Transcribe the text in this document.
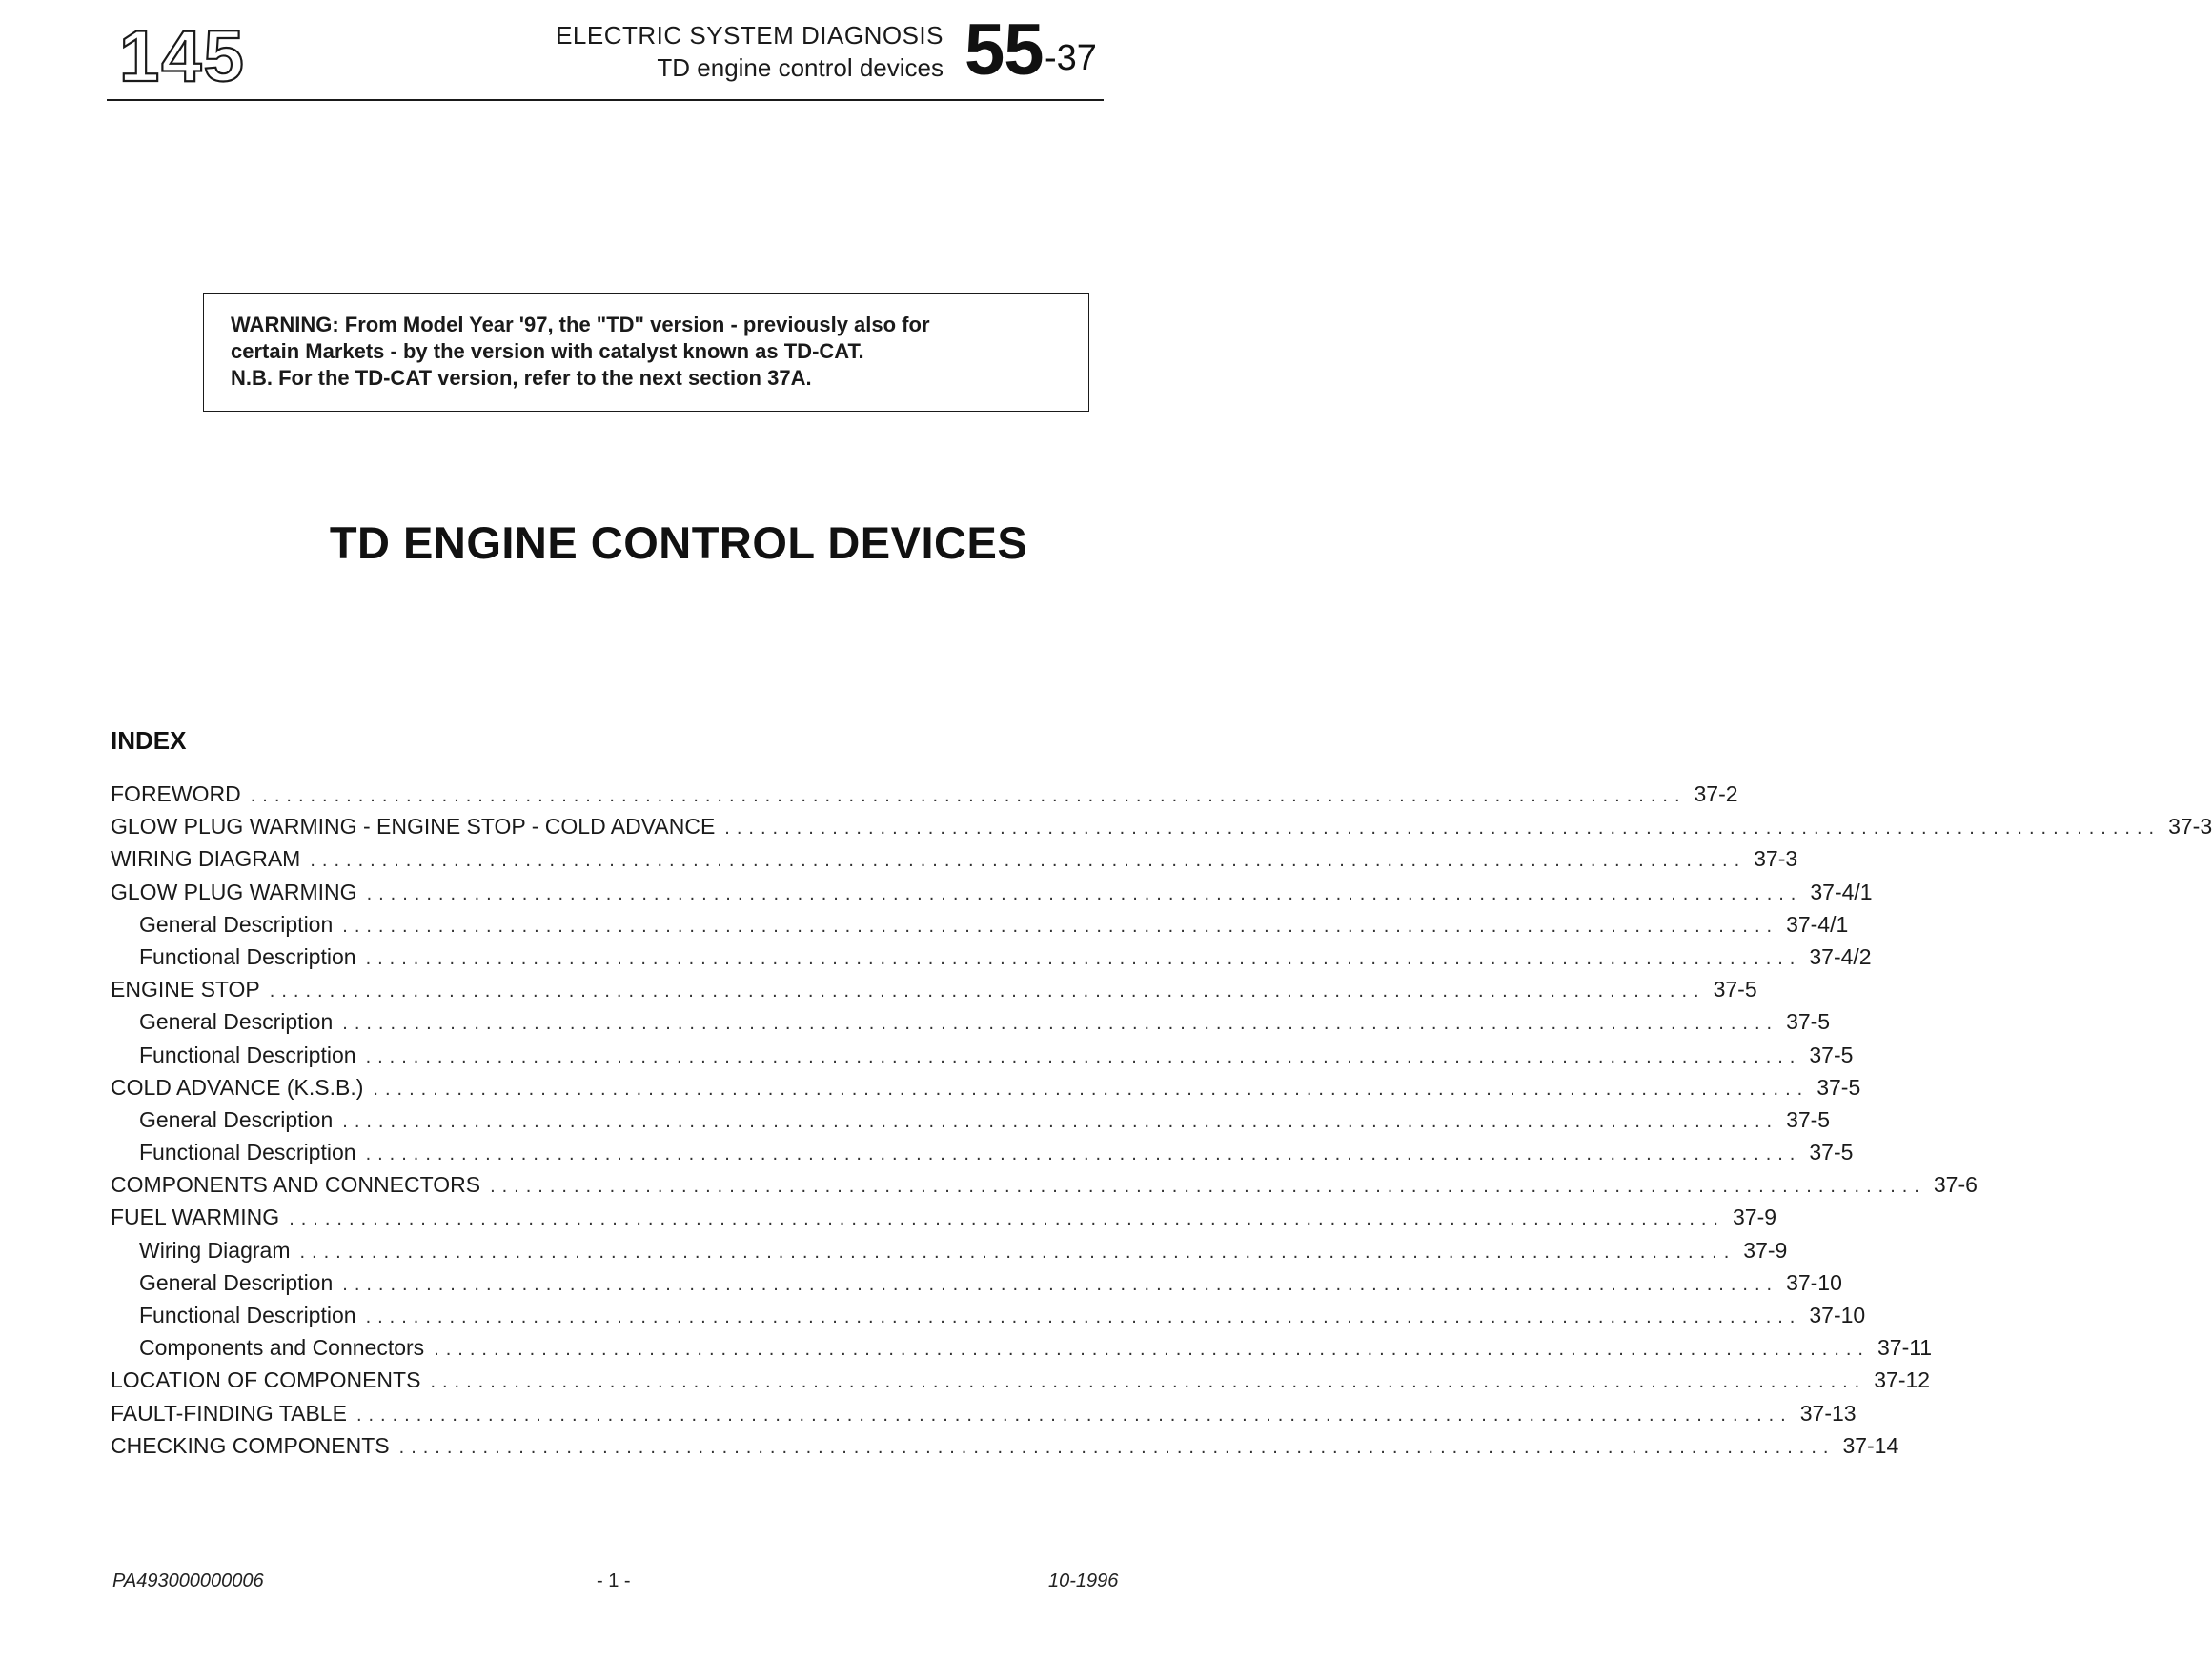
145	ELECTRIC SYSTEM DIAGNOSIS
TD engine control devices 55 -37
WARNING: From Model Year '97, the "TD" version - previously also for
certain Markets - by the version with catalyst known as TD-CAT.
N.B. For the TD-CAT version, refer to the next section 37A.
TD ENGINE CONTROL DEVICES
INDEX
FOREWORD ........................................................................................................................ 37-2
GLOW PLUG WARMING - ENGINE STOP - COLD ADVANCE ........................................................................................................................ 37-3
WIRING DIAGRAM ........................................................................................................................ 37-3
GLOW PLUG WARMING ........................................................................................................................ 37-4/1
General Description ........................................................................................................................ 37-4/1
Functional Description ........................................................................................................................ 37-4/2
ENGINE STOP ........................................................................................................................ 37-5
General Description ........................................................................................................................ 37-5
Functional Description ........................................................................................................................ 37-5
COLD ADVANCE (K.S.B.) ........................................................................................................................ 37-5
General Description ........................................................................................................................ 37-5
Functional Description ........................................................................................................................ 37-5
COMPONENTS AND CONNECTORS ........................................................................................................................ 37-6
FUEL WARMING ........................................................................................................................ 37-9
Wiring Diagram ........................................................................................................................ 37-9
General Description ........................................................................................................................ 37-10
Functional Description ........................................................................................................................ 37-10
Components and Connectors ........................................................................................................................ 37-11
LOCATION OF COMPONENTS ........................................................................................................................ 37-12
FAULT-FINDING TABLE ........................................................................................................................ 37-13
CHECKING COMPONENTS ........................................................................................................................ 37-14
PA493000000006	- 1 -	10-1996
